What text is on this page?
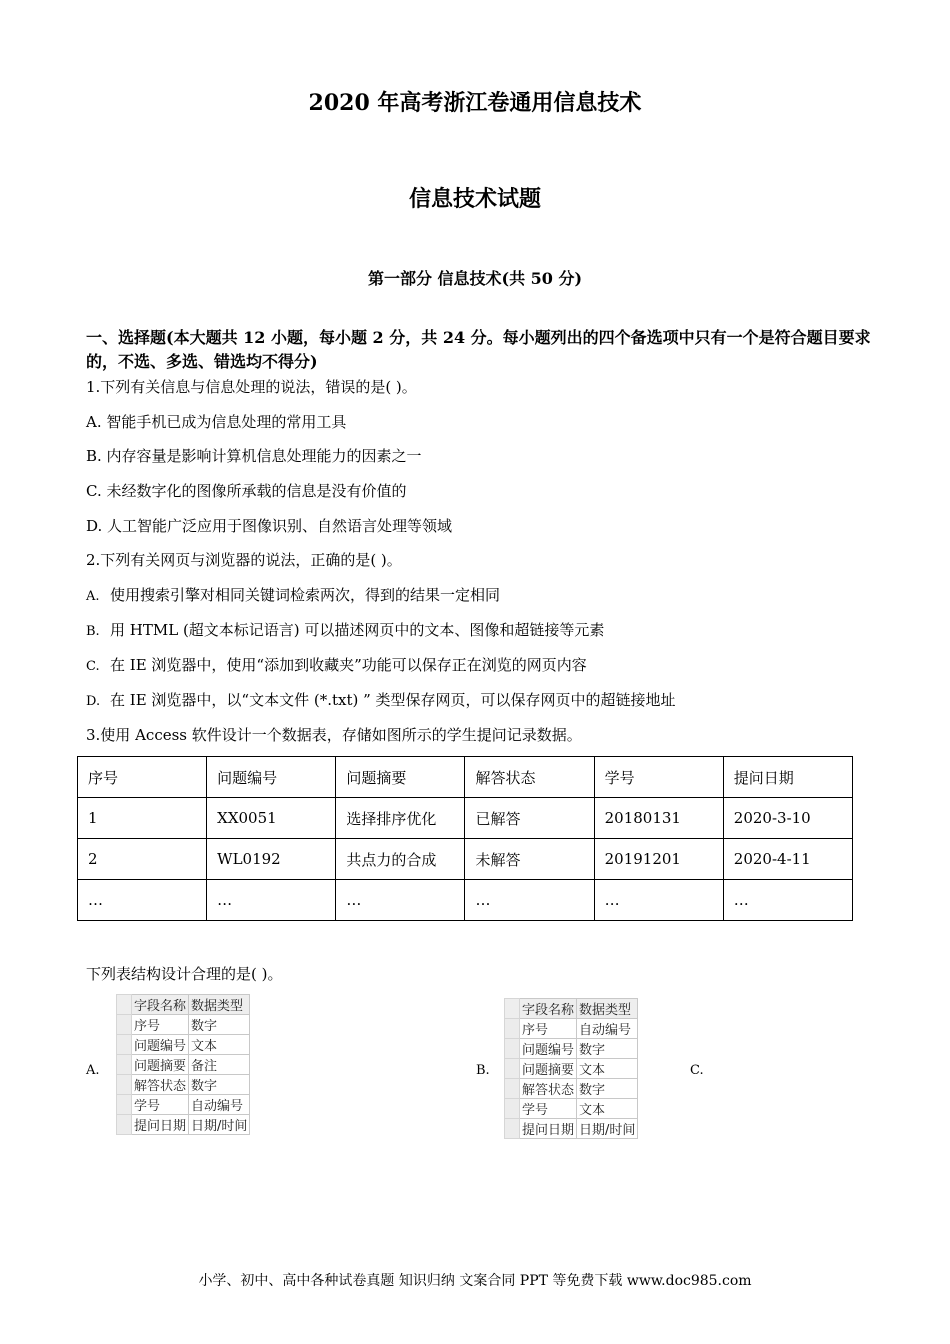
2020 年高考浙江卷通用信息技术
信息技术试题
第一部分 信息技术(共 50 分)
一、选择题(本大题共 12 小题，每小题 2 分，共 24 分。每小题列出的四个备选项中只有一个是符合题目要求的，不选、多选、错选均不得分)
1.下列有关信息与信息处理的说法，错误的是( )。
A. 智能手机已成为信息处理的常用工具
B. 内存容量是影响计算机信息处理能力的因素之一
C. 未经数字化的图像所承载的信息是没有价值的
D. 人工智能广泛应用于图像识别、自然语言处理等领域
2.下列有关网页与浏览器的说法，正确的是( )。
A. 使用搜索引擎对相同关键词检索两次，得到的结果一定相同
B. 用 HTML (超文本标记语言) 可以描述网页中的文本、图像和超链接等元素
C. 在 IE 浏览器中，使用“添加到收藏夹”功能可以保存正在浏览的网页内容
D. 在 IE 浏览器中，以“文本文件 (*.txt) ” 类型保存网页，可以保存网页中的超链接地址
3.使用 Access 软件设计一个数据表，存储如图所示的学生提问记录数据。
序号	问题编号	问题摘要	解答状态	学号	提问日期
1	XX0051	选择排序优化	已解答	20180131	2020-3-10
2	WL0192	共点力的合成	未解答	20191201	2020-4-11
…	…	…	…	…	…
下列表结构设计合理的是( )。
A.
	字段名称	数据类型
	序号	数字
	问题编号	文本
	问题摘要	备注
	解答状态	数字
	学号	自动编号
	提问日期	日期/时间
B.
	字段名称	数据类型
	序号	自动编号
	问题编号	数字
	问题摘要	文本
	解答状态	数字
	学号	文本
	提问日期	日期/时间
C.
小学、初中、高中各种试卷真题 知识归纳 文案合同 PPT 等免费下载 www.doc985.com
